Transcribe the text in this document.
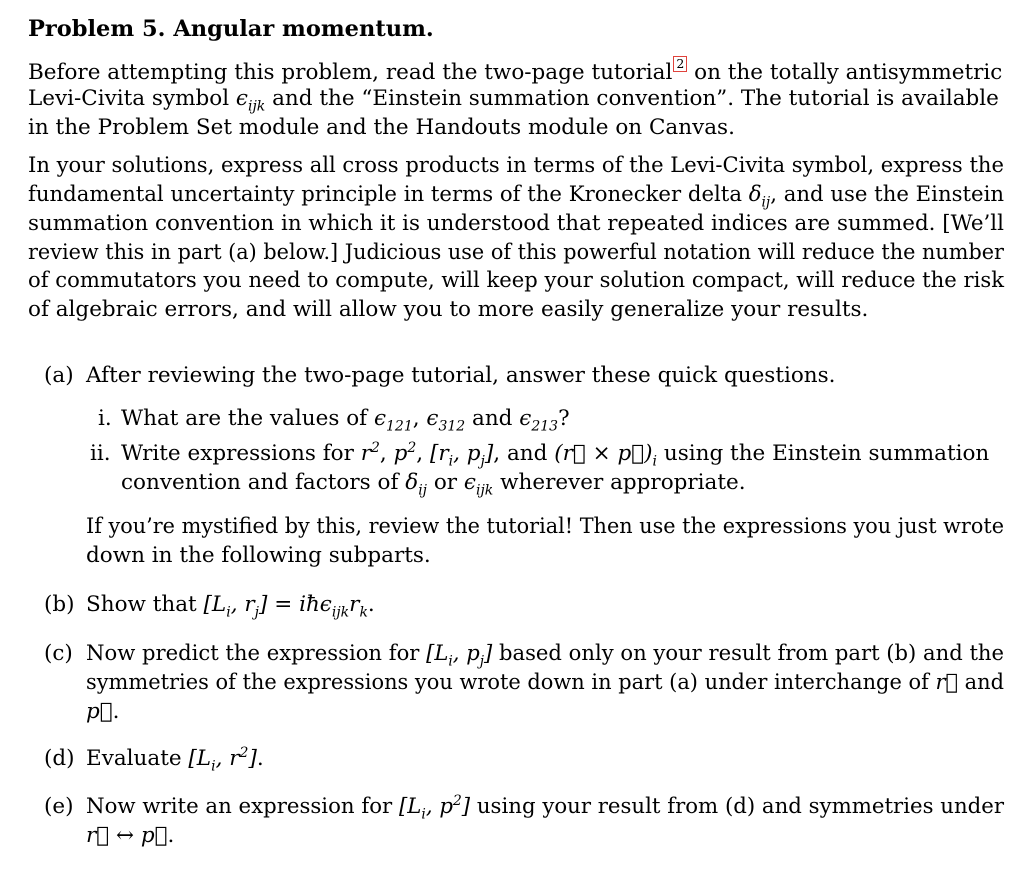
Problem 5. Angular momentum.
Before attempting this problem, read the two-page tutorial 2 on the totally antisymmetric
Levi-Civita symbol $\epsilon_{ijk}$ and the “Einstein summation convention”. The tutorial is available
in the Problem Set module and the Handouts module on Canvas.
In your solutions, express all cross products in terms of the Levi-Civita symbol, express the
fundamental uncertainty principle in terms of the Kronecker delta $\delta_{ij}$, and use the Einstein
summation convention in which it is understood that repeated indices are summed. [We’ll
review this in part (a) below.] Judicious use of this powerful notation will reduce the number
of commutators you need to compute, will keep your solution compact, will reduce the risk
of algebraic errors, and will allow you to more easily generalize your results.
(a) After reviewing the two-page tutorial, answer these quick questions.
i. What are the values of $\epsilon_{121}$, $\epsilon_{312}$ and $\epsilon_{213}$?
ii. Write expressions for $r^2$, $p^2$, [$r_i$, $p_j$], and (r⃗ × $p⃗)_i$ using the Einstein summation
convention and factors of $\delta_{ij}$ or $\epsilon_{ijk}$ wherever appropriate.
If you’re mystified by this, review the tutorial! Then use the expressions you just wrote
down in the following subparts.
(b) Show that [$L_i$, $r_j$] = $iħ\epsilon_{ijk}r_k$.
(c) Now predict the expression for [$L_i$, $p_j$] based only on your result from part (b) and the
symmetries of the expressions you wrote down in part (a) under interchange of r⃗ and
p⃗.
(d) Evaluate [$L_i$, $r^2$].
(e) Now write an expression for [$L_i$, $p^2$] using your result from (d) and symmetries under
r⃗ ↔ p⃗.
